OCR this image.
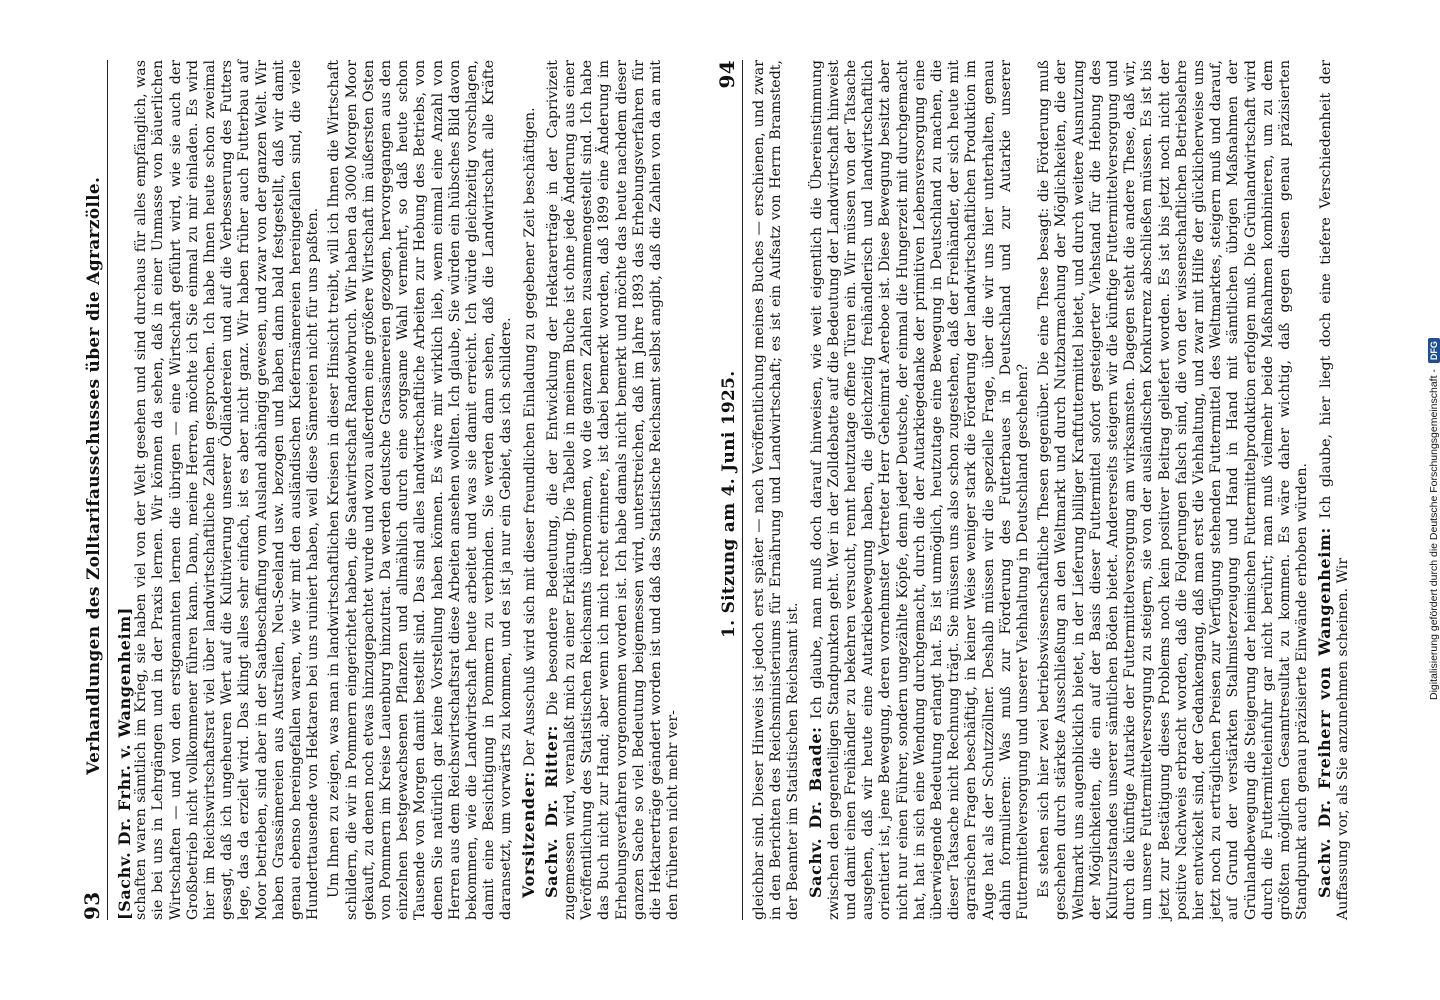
93
Verhandlungen des Zolltarifausschusses über die Agrarzölle. [Sachv. Dr. Frhr. v. Wangenheim] schaften waren sämtlich im Krieg, sie haben viel von der Welt gesehen und sind durchaus für alles empfänglich, was sie bei uns in Lehrgängen und in der Praxis lernen. Wir können da sehen, daß in einer Unmasse von bäuerlichen Wirtschaften — und von den erstgenannten lernen die übrigen — eine Wirtschaft geführt wird, wie sie auch der Großbetrieb nicht vollkommener führen kann. Dann, meine Herren, möchte ich Sie einmal zu mir einladen. Es wird hier im Reichswirtschaftsrat viel über landwirtschaftliche Zahlen gesprochen. Ich habe Ihnen heute schon zweimal gesagt, daß ich ungeheuren Wert auf die Kultivierung unserer Ödländereien und auf die Verbesserung des Futters lege, das da erzielt wird. Das klingt alles sehr einfach, ist es aber nicht ganz. Wir haben früher auch Futterbau auf Moor betrieben, sind aber in der Saatbeschaffung vom Ausland abhängig gewesen, und zwar von der ganzen Welt. Wir haben Grassämereien aus Australien, Neu-Seeland usw. bezogen und haben dann bald festgestellt, daß wir damit genau ebenso hereingefallen waren, wie wir mit den ausländischen Kiefernsämereien hereingefallen sind, die viele Hunderttausende von Hektaren bei uns ruiniert haben, weil diese Sämereien nicht für uns paßten. Um Ihnen zu zeigen, was man in landwirtschaftlichen Kreisen in dieser Hinsicht treibt, will ich Ihnen die Wirtschaft schildern, die wir in Pommern eingerichtet haben, die Saatwirtschaft Randowbruch. Wir haben da 3000 Morgen Moor gekauft, zu denen noch etwas hinzugepachtet wurde und wozu außerdem eine größere Wirtschaft im äußersten Osten von Pommern im Kreise Lauenburg hinzutrat. Da werden deutsche Grassämereien gezogen, hervorgegangen aus den einzelnen bestgewachsenen Pflanzen und allmählich durch eine sorgsame Wahl vermehrt, so daß heute schon Tausende von Morgen damit bestellt sind. Das sind alles landwirtschaftliche Arbeiten zur Hebung des Betriebs, von denen Sie natürlich gar keine Vorstellung haben können. Es wäre mir wirklich lieb, wenn einmal eine Anzahl von Herren aus dem Reichswirtschaftsrat diese Arbeiten ansehen wollten. Ich glaube, Sie würden ein hübsches Bild davon bekommen, wie die Landwirtschaft heute arbeitet und was sie damit erreicht. Ich würde gleichzeitig vorschlagen, damit eine Besichtigung in Pommern zu verbinden. Sie werden dann sehen, daß die Landwirtschaft alle Kräfte daransetzt, um vorwärts zu kommen, und es ist ja nur ein Gebiet, das ich schildere. Vorsitzender: Der Ausschuß wird sich mit dieser freundlichen Einladung zu gegebener Zeit beschäftigen.

Sachv. Dr. Ritter: Die besondere Bedeutung, die der Entwicklung der Hektarerträge in der Caprivizeit zugemessen wird, veranlaßt mich zu einer Erklärung. Die Tabelle in meinem Buche ist ohne jede Änderung aus einer Veröffentlichung des Statistischen Reichsamts übernommen, wo die ganzen Zahlen zusammengestellt sind. Ich habe das Buch nicht zur Hand; aber wenn ich mich recht erinnere, ist dabei bemerkt worden, daß 1899 eine Änderung im Erhebungsverfahren vorgenommen worden ist. Ich habe damals nicht bemerkt und möchte das heute nachdem dieser ganzen Sache so viel Bedeutung beigemessen wird, unterstreichen, daß im Jahre 1893 das Erhebungsverfahren für die Hektarerträge geändert worden ist und daß das Statistische Reichsamt selbst angibt, daß die Zahlen von da an mit den früheren nicht mehr ver-

1. Sitzung am 4. Juni 1925.
94 gleichbar sind. Dieser Hinweis ist jedoch erst später — nach Veröffentlichung meines Buches — erschienen, und zwar in den Berichten des Reichsministeriums für Ernährung und Landwirtschaft; es ist ein Aufsatz von Herrn Bramstedt, der Beamter im Statistischen Reichsamt ist. Sachv. Dr. Baade: Ich glaube, man muß doch darauf hinweisen, wie weit eigentlich die Übereinstimmung zwischen den gegenteiligen Standpunkten geht. Wer in der Zolldebatte auf die Bedeutung der Landwirtschaft hinweist und damit einen Freihändler zu bekehren versucht, rennt heutzutage offene Türen ein. Wir müssen von der Tatsache ausgehen, daß wir heute eine Autarkiebewegung haben, die gleichzeitig freihändlerisch und landwirtschaftlich orientiert ist, jene Bewegung, deren vornehmster Vertreter Herr Geheimrat Aereboe ist. Diese Bewegung besitzt aber nicht nur einen Führer, sondern ungezählte Köpfe, denn jeder Deutsche, der einmal die Hungerzeit mit durchgemacht hat, hat in sich eine Wendung durchgemacht, durch die der Autarkiegedanke der primitiven Lebensversorgung eine überwiegende Bedeutung erlangt hat. Es ist unmöglich, heutzutage eine Bewegung in Deutschland zu machen, die dieser Tatsache nicht Rechnung trägt. Sie müssen uns also schon zugestehen, daß der Freihändler, der sich heute mit agrarischen Fragen beschäftigt, in keiner Weise weniger stark die Förderung der landwirtschaftlichen Produktion im Auge hat als der Schutzzöllner. Deshalb müssen wir die spezielle Frage, über die wir uns hier unterhalten, genau dahin formulieren: Was muß zur Förderung des Futterbaues in Deutschland und zur Autarkie unserer Futtermittelversorgung und unserer Viehhaltung in Deutschland geschehen? Es stehen sich hier zwei betriebswissenschaftliche Thesen gegenüber. Die eine These besagt: die Förderung muß geschehen durch stärkste Ausschließung an den Weltmarkt und durch Nutzbarmachung der Möglichkeiten, die der Weltmarkt uns augenblicklich bietet, in der Lieferung billiger Kraftfuttermittel bietet, und durch weitere Ausnutzung der Möglichkeiten, die ein auf der Basis dieser Futtermittel sofort gesteigerter Viehstand für die Hebung des Kulturzustandes unserer sämtlichen Böden bietet. Andererseits steigern wir die künftige Futtermittelversorgung und durch die künftige Autarkie der Futtermittelversorgung am wirksamsten. Dagegen steht die andere These, daß wir, um unsere Futtermittelversorgung zu steigern, sie von der ausländischen Konkurrenz abschließen müssen. Es ist bis jetzt zur Bestätigung dieses Problems noch kein positiver Beitrag geliefert worden. Es ist bis jetzt noch nicht der positive Nachweis erbracht worden, daß die Folgerungen falsch sind, die von der wissenschaftlichen Betriebslehre hier entwickelt sind, der Gedankengang, daß man erst die Viehhaltung, und zwar mit Hilfe der glücklicherweise uns jetzt noch zu erträglichen Preisen zur Verfügung stehenden Futtermittel des Weltmarktes, steigern muß und darauf, auf Grund der verstärkten Stallmisterzeugung und Hand in Hand mit sämtlichen übrigen Maßnahmen der Grünlandbewegung die Steigerung der heimischen Futtermittelproduktion erfolgen muß. Die Grünlandwirtschaft wird durch die Futtermitteleinfuhr gar nicht berührt; man muß vielmehr beide Maßnahmen kombinieren, um zu dem größten möglichen Gesamtresultat zu kommen. Es wäre daher wichtig, daß gegen diesen genau präzisierten Standpunkt auch genau präzisierte Einwände erhoben würden. Sachv. Dr. Freiherr von Wangenheim: Ich glaube, hier liegt doch eine tiefere Verschiedenheit der Auffassung vor, als Sie anzunehmen scheinen. Wir

Digitalisierung gefördert durch die Deutsche Forschungsgemeinschaft -
DFG
